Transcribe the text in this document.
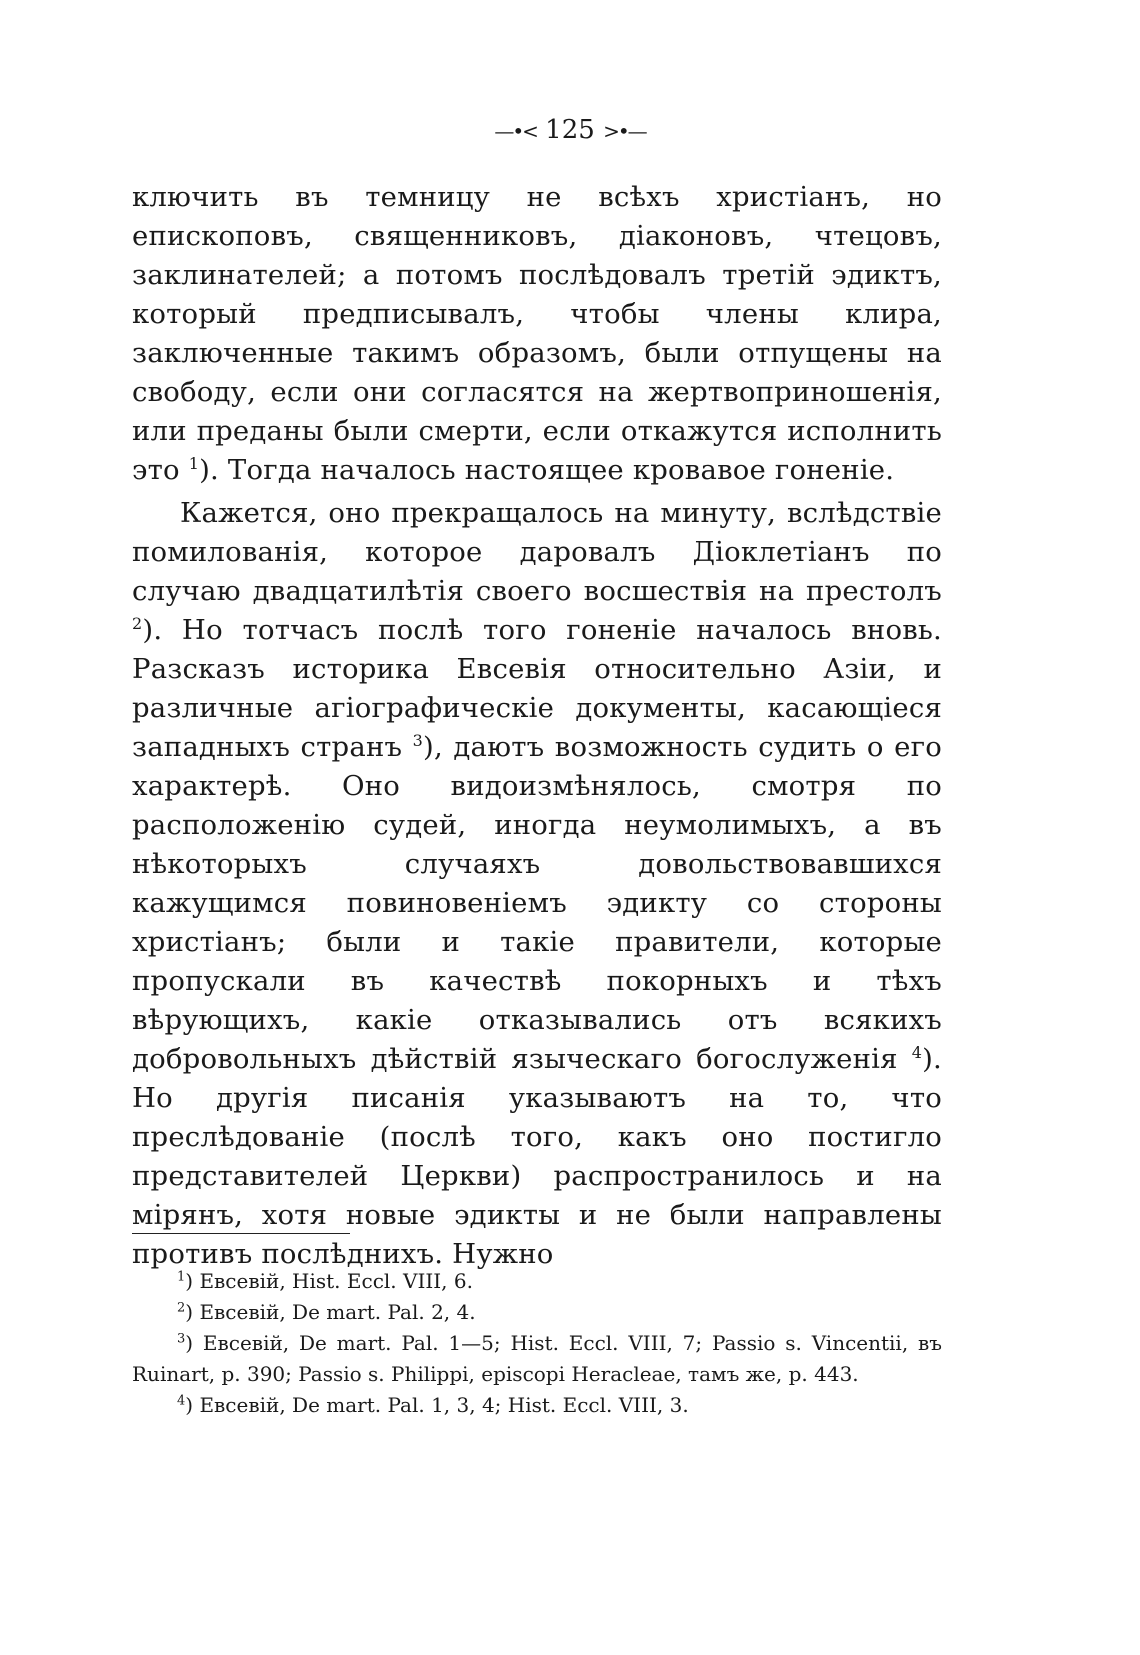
—•< 125 >•—

ключить въ темницу не всѣхъ христіанъ, но епископовъ, священниковъ, діаконовъ, чтецовъ, заклинателей; а потомъ послѣдовалъ третій эдиктъ, который предписывалъ, чтобы члены клира, заключенные такимъ образомъ, были отпущены на свободу, если они согласятся на жертвоприношенія, или преданы были смерти, если откажутся исполнить это $^1$). Тогда началось настоящее кровавое гоненіе.

Кажется, оно прекращалось на минуту, вслѣдствіе помилованія, которое даровалъ Діоклетіанъ по случаю двадцатилѣтія своего восшествія на престолъ $^2$). Но тотчасъ послѣ того гоненіе началось вновь. Разсказъ историка Евсевія относительно Азіи, и различные агіографическіе документы, касающіеся западныхъ странъ $^3$), даютъ возможность судить о его характерѣ. Оно видоизмѣнялось, смотря по расположенію судей, иногда неумолимыхъ, а въ нѣкоторыхъ случаяхъ довольствовавшихся кажущимся повиновеніемъ эдикту со стороны христіанъ; были и такіе правители, которые пропускали въ качествѣ покорныхъ и тѣхъ вѣрующихъ, какіе отказывались отъ всякихъ добровольныхъ дѣйствій языческаго богослуженія $^4$). Но другія писанія указываютъ на то, что преслѣдованіе (послѣ того, какъ оно постигло представителей Церкви) распространилось и на мірянъ, хотя новые эдикты и не были направлены противъ послѣднихъ. Нужно

$^1$) Евсевій, Hist. Eccl. VIII, 6.

$^2$) Евсевій, De mart. Pal. 2, 4.

$^3$) Евсевій, De mart. Pal. 1—5; Hist. Eccl. VIII, 7; Passio s. Vincentii, въ Ruinart, p. 390; Passio s. Philippi, episcopi Heracleae, тамъ же, p. 443.

$^4$) Евсевій, De mart. Pal. 1, 3, 4; Hist. Eccl. VIII, 3.
